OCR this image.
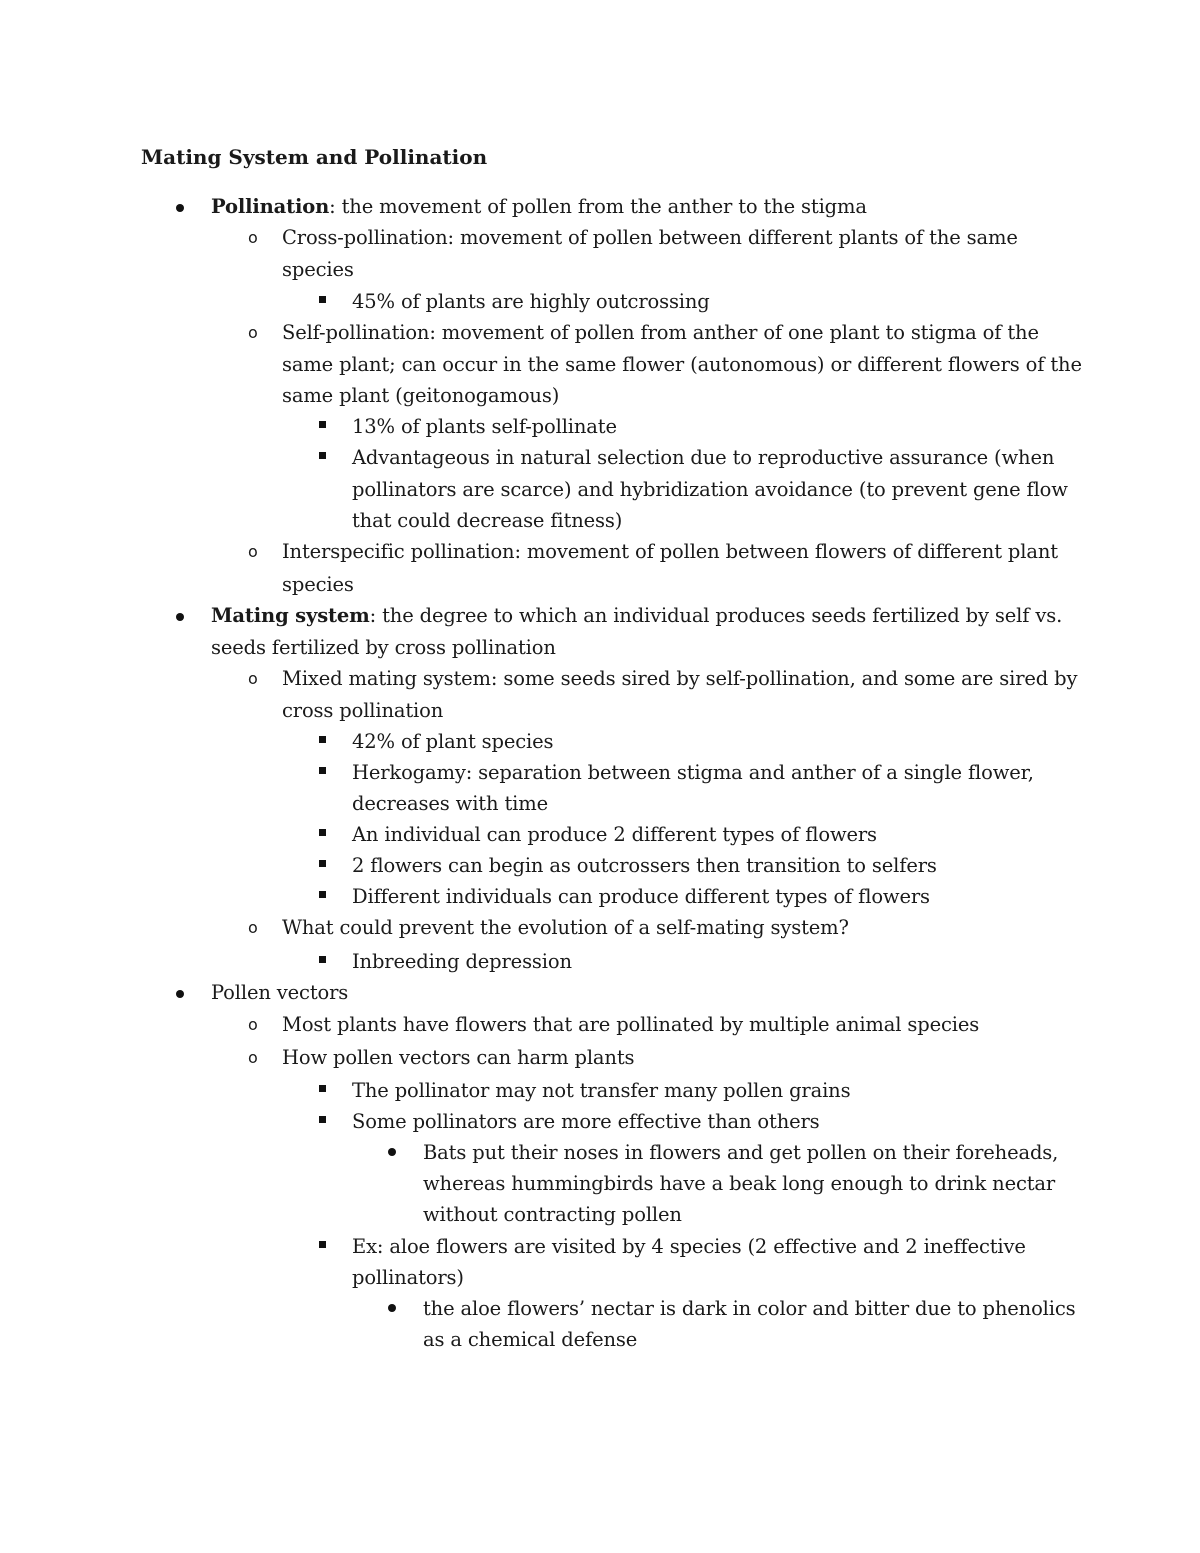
Mating System and Pollination
Pollination: the movement of pollen from the anther to the stigma
o Cross-pollination: movement of pollen between different plants of the same
species
45% of plants are highly outcrossing
o Self-pollination: movement of pollen from anther of one plant to stigma of the
same plant; can occur in the same flower (autonomous) or different flowers of the
same plant (geitonogamous)
13% of plants self-pollinate
Advantageous in natural selection due to reproductive assurance (when
pollinators are scarce) and hybridization avoidance (to prevent gene flow
that could decrease fitness)
o Interspecific pollination: movement of pollen between flowers of different plant
species
Mating system: the degree to which an individual produces seeds fertilized by self vs.
seeds fertilized by cross pollination
o Mixed mating system: some seeds sired by self-pollination, and some are sired by
cross pollination
42% of plant species
Herkogamy: separation between stigma and anther of a single flower,
decreases with time
An individual can produce 2 different types of flowers
2 flowers can begin as outcrossers then transition to selfers
Different individuals can produce different types of flowers
o What could prevent the evolution of a self-mating system?
Inbreeding depression
Pollen vectors
o Most plants have flowers that are pollinated by multiple animal species
o How pollen vectors can harm plants
The pollinator may not transfer many pollen grains
Some pollinators are more effective than others
Bats put their noses in flowers and get pollen on their foreheads,
whereas hummingbirds have a beak long enough to drink nectar
without contracting pollen
Ex: aloe flowers are visited by 4 species (2 effective and 2 ineffective
pollinators)
the aloe flowers’ nectar is dark in color and bitter due to phenolics
as a chemical defense
